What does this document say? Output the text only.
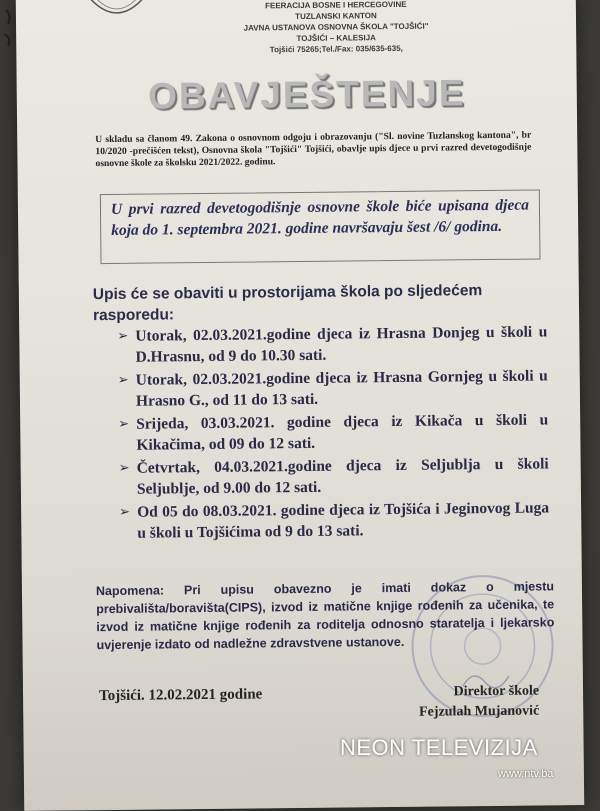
FEERACIJA BOSNE I HERCEGOVINE
TUZLANSKI KANTON
JAVNA USTANOVA OSNOVNA ŠKOLA "TOJŠIĆI"
TOJŠIĆI – KALESIJA
Tojšići 75265;Tel./Fax: 035/635-635,
OBAVJEŠTENJE
U skladu sa članom 49. Zakona o osnovnom odgoju i obrazovanju ("Sl. novine Tuzlanskog kantona", br 10/2020 -prečišćen tekst), Osnovna škola "Tojšići" Tojšići, obavlje upis djece u prvi razred devetogodišnje osnovne škole za školsku 2021/2022. godinu.
U prvi razred devetogodišnje osnovne škole biće upisana djeca koja do 1. septembra 2021. godine navršavaju šest /6/ godina.
Upis će se obaviti u prostorijama škola po sljedećem rasporedu:
➢ Utorak, 02.03.2021.godine djeca iz Hrasna Donjeg u školi u D.Hrasnu, od 9 do 10.30 sati.
➢ Utorak, 02.03.2021.godine djeca iz Hrasna Gornjeg u školi u Hrasno G., od 11 do 13 sati.
➢ Srijeda, 03.03.2021. godine djeca iz Kikača u školi u Kikačima, od 09 do 12 sati.
➢ Četvrtak, 04.03.2021.godine djeca iz Seljublja u školi Seljublje, od 9.00 do 12 sati.
➢ Od 05 do 08.03.2021. godine djeca iz Tojšića i Jeginovog Luga u školi u Tojšićima od 9 do 13 sati.
Napomena: Pri upisu obavezno je imati dokaz o mjestu prebivališta/boravišta(CIPS), izvod iz matične knjige rođenih za učenika, te izvod iz matične knjige rođenih za roditelja odnosno staratelja i ljekarsko uvjerenje izdato od nadležne zdravstvene ustanove.
Tojšići. 12.02.2021 godine	Direktor škole
Fejzulah Mujanović
NEON TELEVIZIJA
www.ntv.ba
